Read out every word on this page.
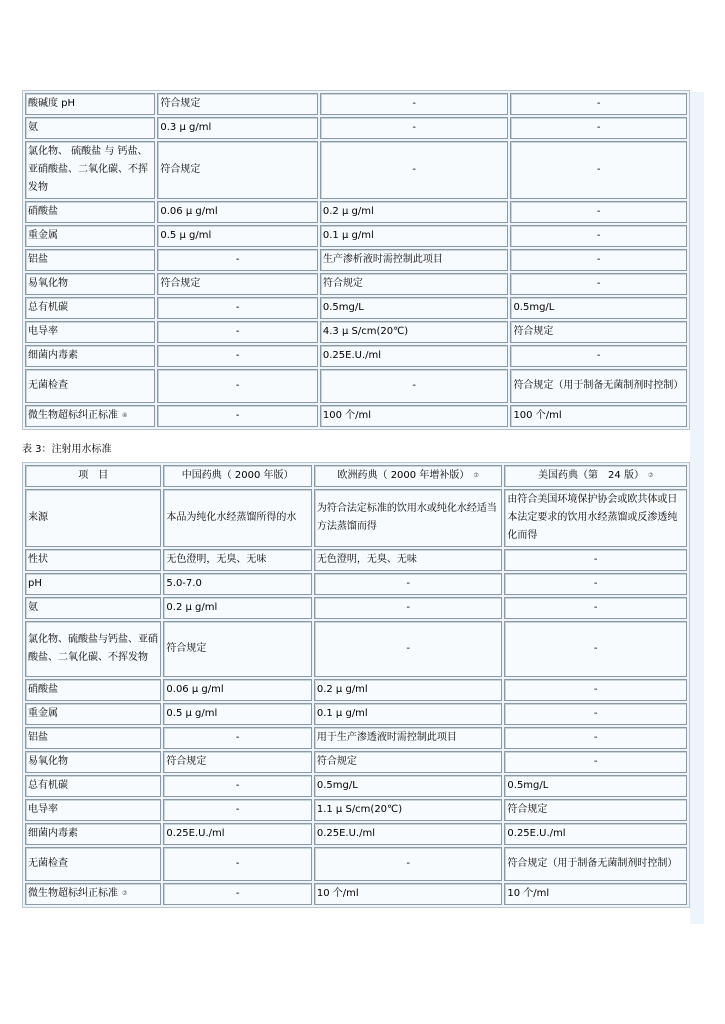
酸碱度 pH	符合规定	-	-
氨	0.3 μ g/ml	-	-
氯化物、 硫酸盐 与 钙盐、亚硝酸盐、二氧化碳、不挥发物	符合规定	-	-
硝酸盐	0.06 μ g/ml	0.2 μ g/ml	-
重金属	0.5 μ g/ml	0.1 μ g/ml	-
铝盐	-	生产渗析液时需控制此项目	-
易氧化物	符合规定	符合规定	-
总有机碳	-	0.5mg/L	0.5mg/L
电导率	-	4.3 μ S/cm(20℃)	符合规定
细菌内毒素	-	0.25E.U./ml	-
无菌检查	-	-	符合规定（用于制备无菌制剂时控制）
微生物超标纠正标准 ④	-	100 个/ml	100 个/ml
表 3：注射用水标准
项　目	中国药典（ 2000 年版）	欧洲药典（ 2000 年增补版） ⑦	美国药典（第　24 版） ⑦
来源	本品为纯化水经蒸馏所得的水	为符合法定标准的饮用水或纯化水经适当方法蒸馏而得	由符合美国环境保护协会或欧共体或日本法定要求的饮用水经蒸馏或反渗透纯化而得
性状	无色澄明，无臭、无味	无色澄明，无臭、无味	-
pH	5.0-7.0	-	-
氨	0.2 μ g/ml	-	-
氯化物、硫酸盐与钙盐、亚硝酸盐、二氧化碳、不挥发物	符合规定	-	-
硝酸盐	0.06 μ g/ml	0.2 μ g/ml	-
重金属	0.5 μ g/ml	0.1 μ g/ml	-
铝盐	-	用于生产渗透液时需控制此项目	-
易氧化物	符合规定	符合规定	-
总有机碳	-	0.5mg/L	0.5mg/L
电导率	-	1.1 μ S/cm(20℃)	符合规定
细菌内毒素	0.25E.U./ml	0.25E.U./ml	0.25E.U./ml
无菌检查	-	-	符合规定（用于制备无菌制剂时控制）
微生物超标纠正标准 ⑦	-	10 个/ml	10 个/ml
